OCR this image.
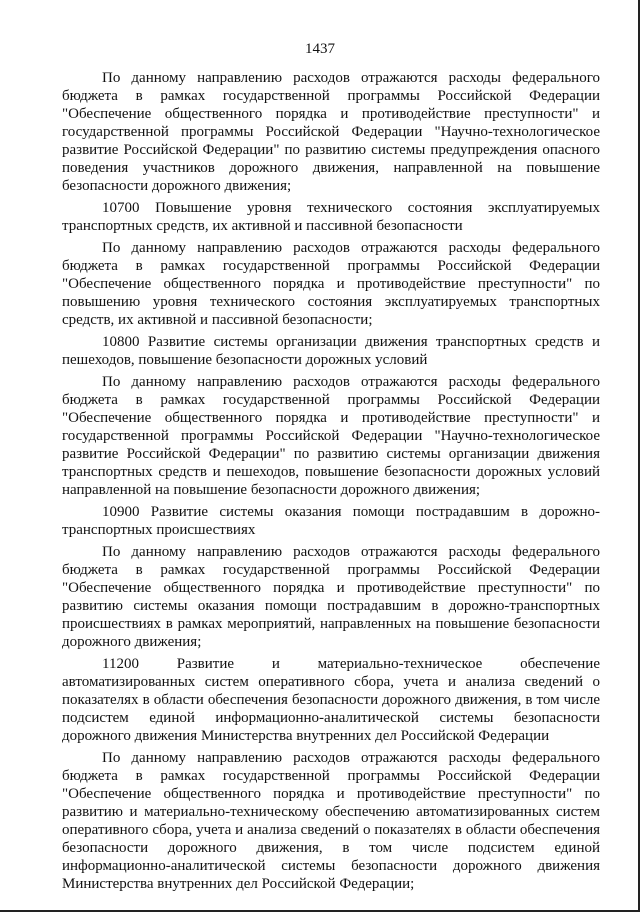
1437

По данному направлению расходов отражаются расходы федерального бюджета в рамках государственной программы Российской Федерации "Обеспечение общественного порядка и противодействие преступности" и государственной программы Российской Федерации "Научно-технологическое развитие Российской Федерации" по развитию системы предупреждения опасного поведения участников дорожного движения, направленной на повышение безопасности дорожного движения;

10700 Повышение уровня технического состояния эксплуатируемых транспортных средств, их активной и пассивной безопасности

По данному направлению расходов отражаются расходы федерального бюджета в рамках государственной программы Российской Федерации "Обеспечение общественного порядка и противодействие преступности" по повышению уровня технического состояния эксплуатируемых транспортных средств, их активной и пассивной безопасности;

10800 Развитие системы организации движения транспортных средств и пешеходов, повышение безопасности дорожных условий

По данному направлению расходов отражаются расходы федерального бюджета в рамках государственной программы Российской Федерации "Обеспечение общественного порядка и противодействие преступности" и государственной программы Российской Федерации "Научно-технологическое развитие Российской Федерации" по развитию системы организации движения транспортных средств и пешеходов, повышение безопасности дорожных условий направленной на повышение безопасности дорожного движения;

10900 Развитие системы оказания помощи пострадавшим в дорожно-транспортных происшествиях

По данному направлению расходов отражаются расходы федерального бюджета в рамках государственной программы Российской Федерации "Обеспечение общественного порядка и противодействие преступности" по развитию системы оказания помощи пострадавшим в дорожно-транспортных происшествиях в рамках мероприятий, направленных на повышение безопасности дорожного движения;

11200 Развитие и материально-техническое обеспечение автоматизированных систем оперативного сбора, учета и анализа сведений о показателях в области обеспечения безопасности дорожного движения, в том числе подсистем единой информационно-аналитической системы безопасности дорожного движения Министерства внутренних дел Российской Федерации

По данному направлению расходов отражаются расходы федерального бюджета в рамках государственной программы Российской Федерации "Обеспечение общественного порядка и противодействие преступности" по развитию и материально-техническому обеспечению автоматизированных систем оперативного сбора, учета и анализа сведений о показателях в области обеспечения безопасности дорожного движения, в том числе подсистем единой информационно-аналитической системы безопасности дорожного движения Министерства внутренних дел Российской Федерации;
